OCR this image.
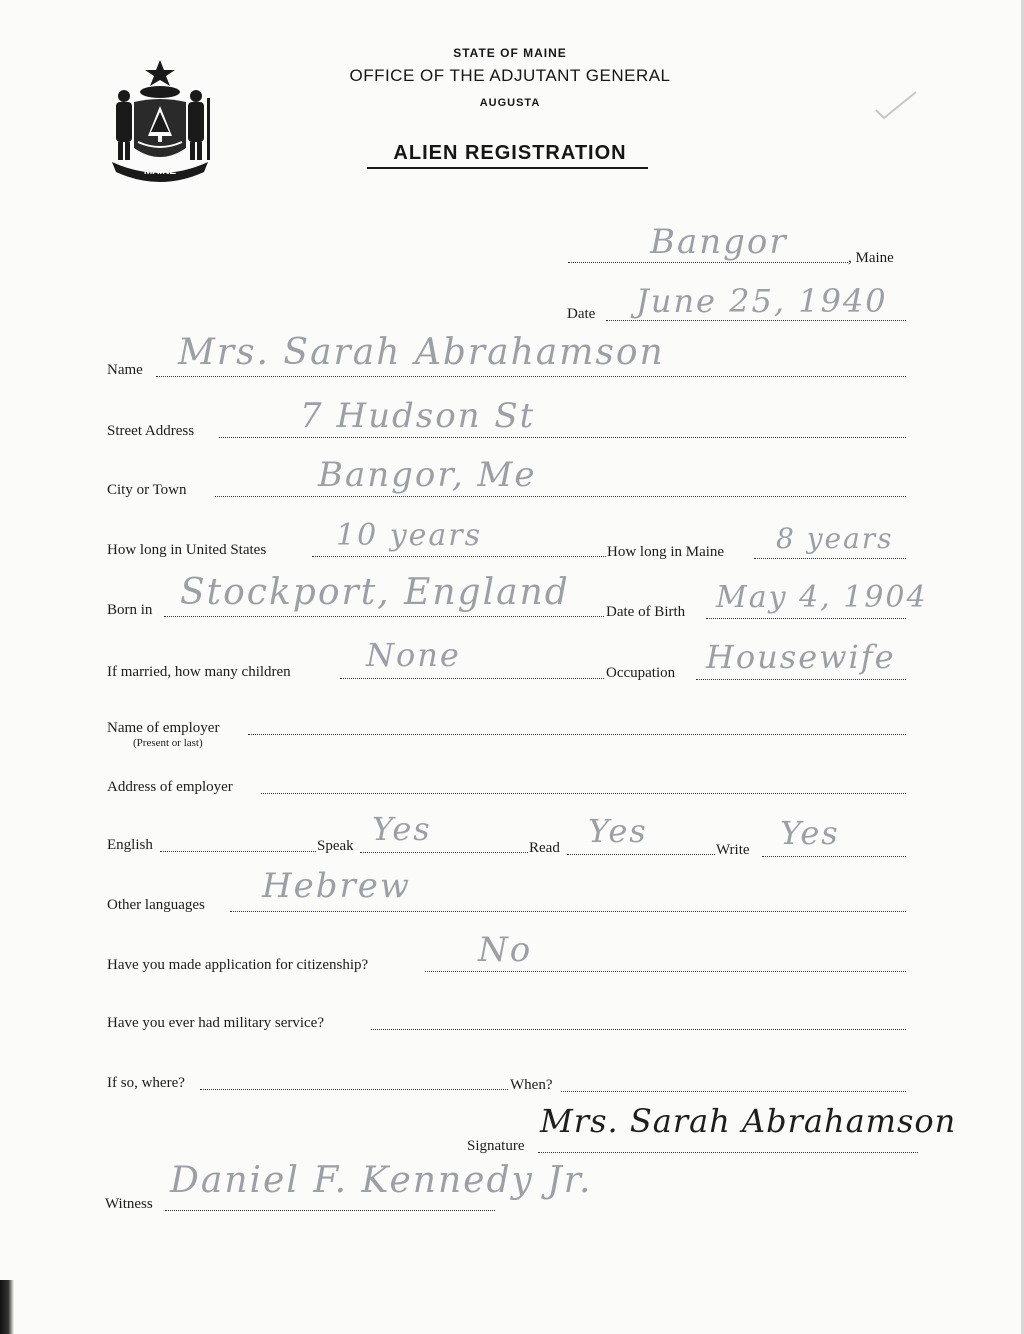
MAINE
STATE OF MAINE
OFFICE OF THE ADJUTANT GENERAL
AUGUSTA
ALIEN REGISTRATION
Bangor	, Maine
Date June 25, 1940
Name Mrs. Sarah Abrahamson
Street Address	7 Hudson St
City or Town	Bangor, Me
How long in United States 10 years	How long in Maine 8 years
Born in Stockport, England Date of Birth May 4, 1904
If married, how many children None	Occupation Housewife
Name of employer
(Present or last)
Address of employer
English	Speak Yes	Read Yes	Write Yes
Other languages Hebrew
Have you made application for citizenship?	No
Have you ever had military service?
If so, where?	When?
Signature
Mrs. Sarah Abrahamson
Witness
Daniel F. Kennedy Jr.
